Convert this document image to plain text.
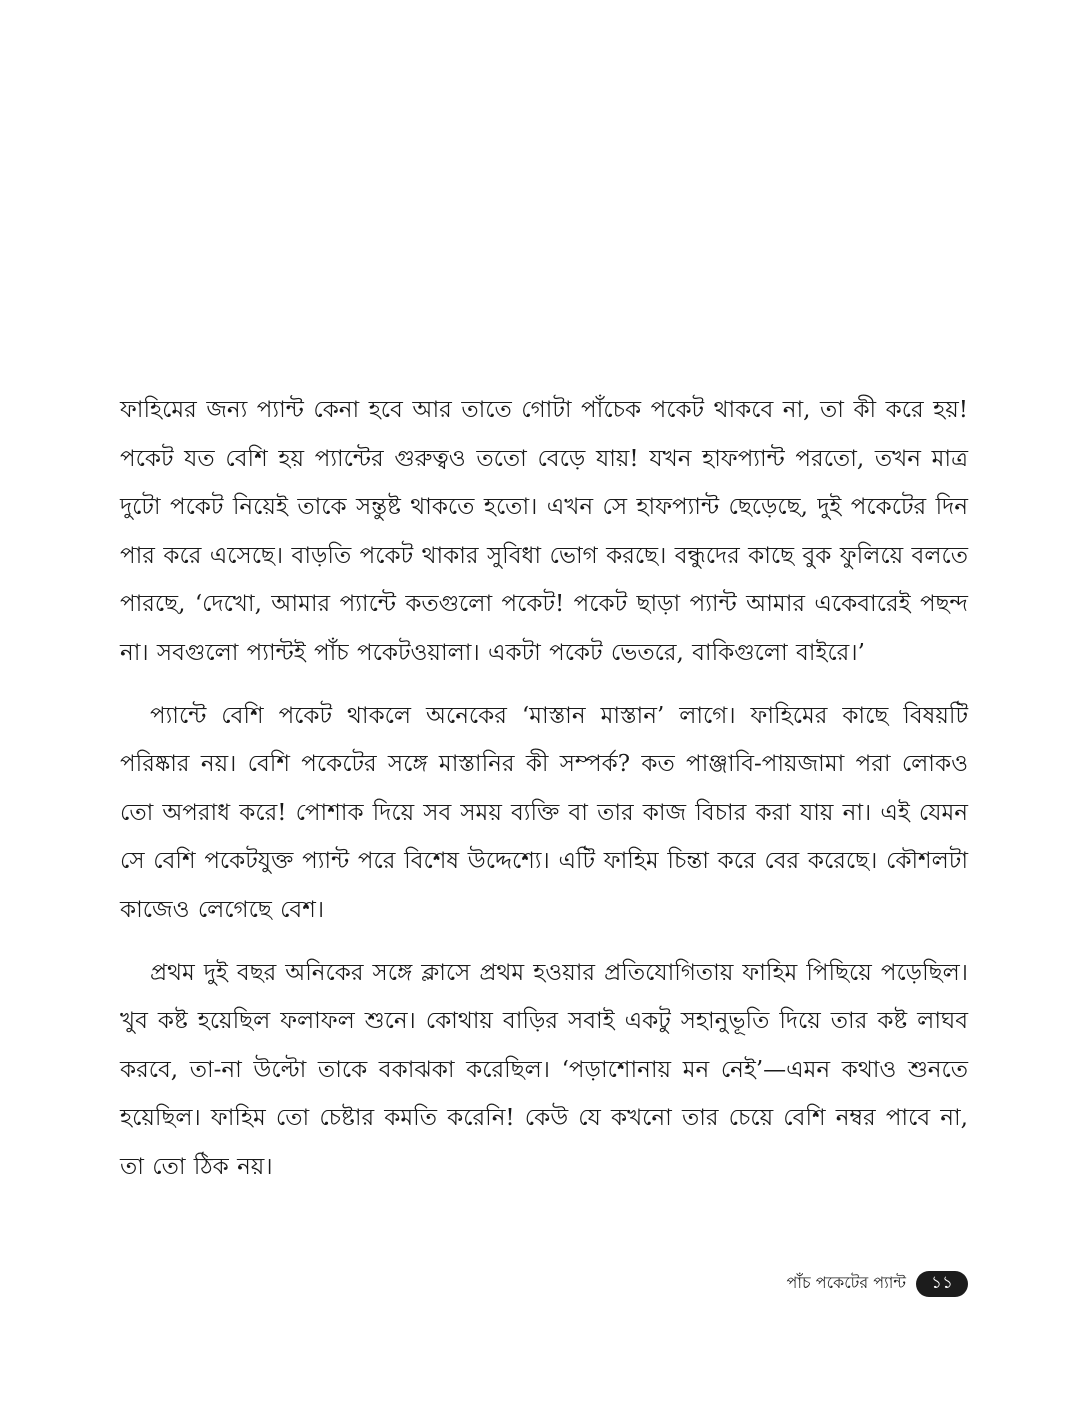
ফাহিমের জন্য প্যান্ট কেনা হবে আর তাতে গোটা পাঁচেক পকেট থাকবে না, তা কী করে হয়! পকেট যত বেশি হয় প্যান্টের গুরুত্বও ততো বেড়ে যায়! যখন হাফপ্যান্ট পরতো, তখন মাত্র দুটো পকেট নিয়েই তাকে সন্তুষ্ট থাকতে হতো। এখন সে হাফপ্যান্ট ছেড়েছে, দুই পকেটের দিন পার করে এসেছে। বাড়তি পকেট থাকার সুবিধা ভোগ করছে। বন্ধুদের কাছে বুক ফুলিয়ে বলতে পারছে, ‘দেখো, আমার প্যান্টে কতগুলো পকেট! পকেট ছাড়া প্যান্ট আমার একেবারেই পছন্দ না। সবগুলো প্যান্টই পাঁচ পকেটওয়ালা। একটা পকেট ভেতরে, বাকিগুলো বাইরে।’

প্যান্টে বেশি পকেট থাকলে অনেকের ‘মাস্তান মাস্তান’ লাগে। ফাহিমের কাছে বিষয়টি পরিষ্কার নয়। বেশি পকেটের সঙ্গে মাস্তানির কী সম্পর্ক? কত পাঞ্জাবি-পায়জামা পরা লোকও তো অপরাধ করে! পোশাক দিয়ে সব সময় ব্যক্তি বা তার কাজ বিচার করা যায় না। এই যেমন সে বেশি পকেটযুক্ত প্যান্ট পরে বিশেষ উদ্দেশ্যে। এটি ফাহিম চিন্তা করে বের করেছে। কৌশলটা কাজেও লেগেছে বেশ।

প্রথম দুই বছর অনিকের সঙ্গে ক্লাসে প্রথম হওয়ার প্রতিযোগিতায় ফাহিম পিছিয়ে পড়েছিল। খুব কষ্ট হয়েছিল ফলাফল শুনে। কোথায় বাড়ির সবাই একটু সহানুভূতি দিয়ে তার কষ্ট লাঘব করবে, তা-না উল্টো তাকে বকাঝকা করেছিল। ‘পড়াশোনায় মন নেই’—এমন কথাও শুনতে হয়েছিল। ফাহিম তো চেষ্টার কমতি করেনি! কেউ যে কখনো তার চেয়ে বেশি নম্বর পাবে না, তা তো ঠিক নয়।

পাঁচ পকেটের প্যান্ট	১১
